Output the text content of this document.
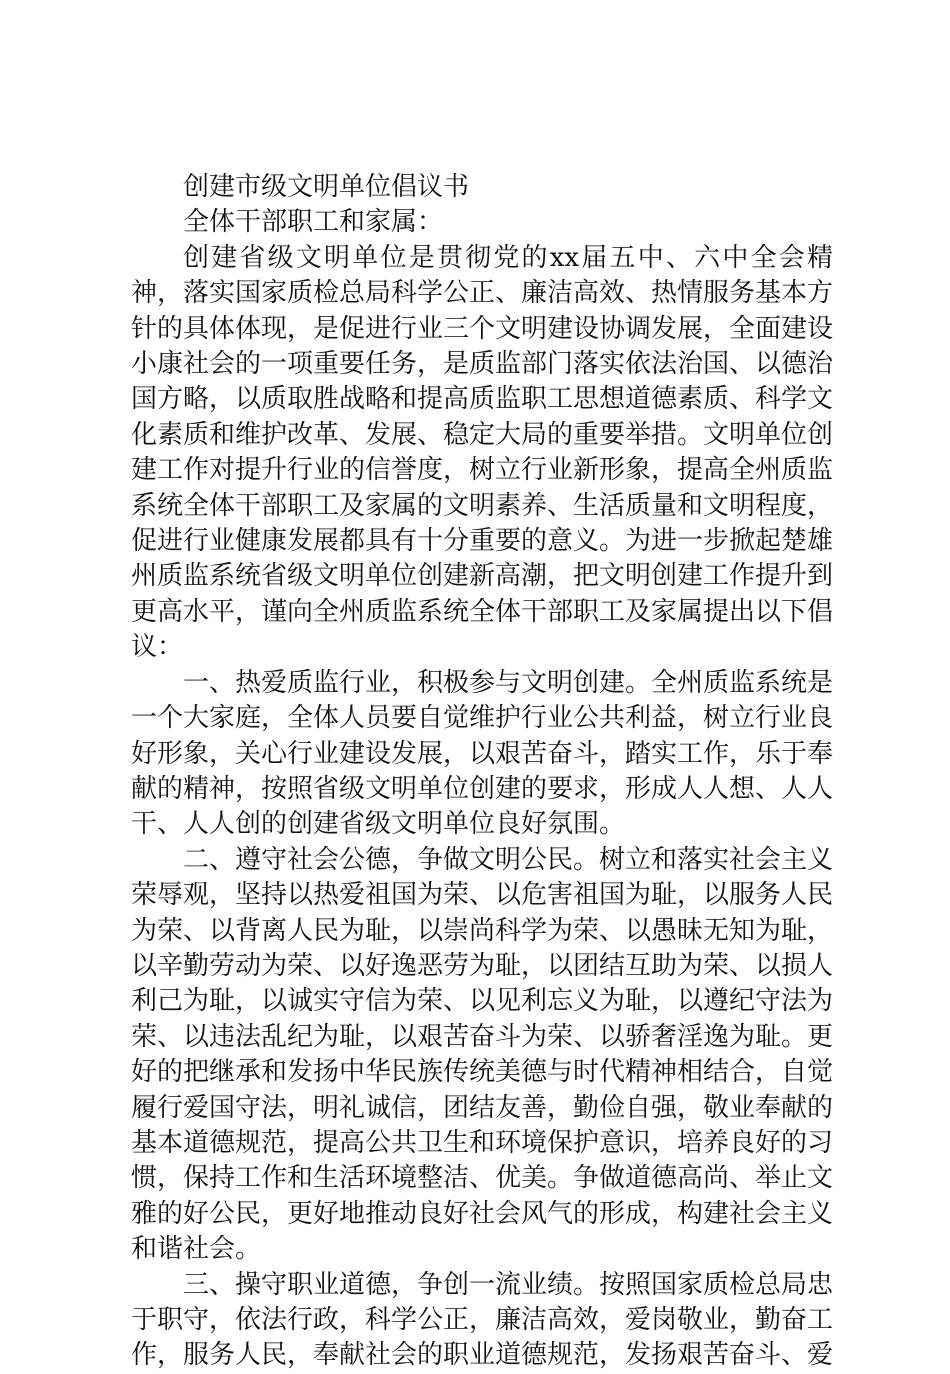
创建市级文明单位倡议书

全体干部职工和家属：

创建省级文明单位是贯彻党的xx届五中、六中全会精神，落实国家质检总局科学公正、廉洁高效、热情服务基本方针的具体体现，是促进行业三个文明建设协调发展，全面建设小康社会的一项重要任务，是质监部门落实依法治国、以德治国方略，以质取胜战略和提高质监职工思想道德素质、科学文化素质和维护改革、发展、稳定大局的重要举措。文明单位创建工作对提升行业的信誉度，树立行业新形象，提高全州质监系统全体干部职工及家属的文明素养、生活质量和文明程度，促进行业健康发展都具有十分重要的意义。为进一步掀起楚雄州质监系统省级文明单位创建新高潮，把文明创建工作提升到更高水平，谨向全州质监系统全体干部职工及家属提出以下倡议：

一、热爱质监行业，积极参与文明创建。全州质监系统是一个大家庭，全体人员要自觉维护行业公共利益，树立行业良好形象，关心行业建设发展，以艰苦奋斗，踏实工作，乐于奉献的精神，按照省级文明单位创建的要求，形成人人想、人人干、人人创的创建省级文明单位良好氛围。

二、遵守社会公德，争做文明公民。树立和落实社会主义荣辱观，坚持以热爱祖国为荣、以危害祖国为耻，以服务人民为荣、以背离人民为耻，以崇尚科学为荣、以愚昧无知为耻，以辛勤劳动为荣、以好逸恶劳为耻，以团结互助为荣、以损人利己为耻，以诚实守信为荣、以见利忘义为耻，以遵纪守法为荣、以违法乱纪为耻，以艰苦奋斗为荣、以骄奢淫逸为耻。更好的把继承和发扬中华民族传统美德与时代精神相结合，自觉履行爱国守法，明礼诚信，团结友善，勤俭自强，敬业奉献的基本道德规范，提高公共卫生和环境保护意识，培养良好的习惯，保持工作和生活环境整洁、优美。争做道德高尚、举止文雅的好公民，更好地推动良好社会风气的形成，构建社会主义和谐社会。

三、操守职业道德，争创一流业绩。按照国家质检总局忠于职守，依法行政，科学公正，廉洁高效，爱岗敬业，勤奋工作，服务人民，奉献社会的职业道德规范，发扬艰苦奋斗、爱
